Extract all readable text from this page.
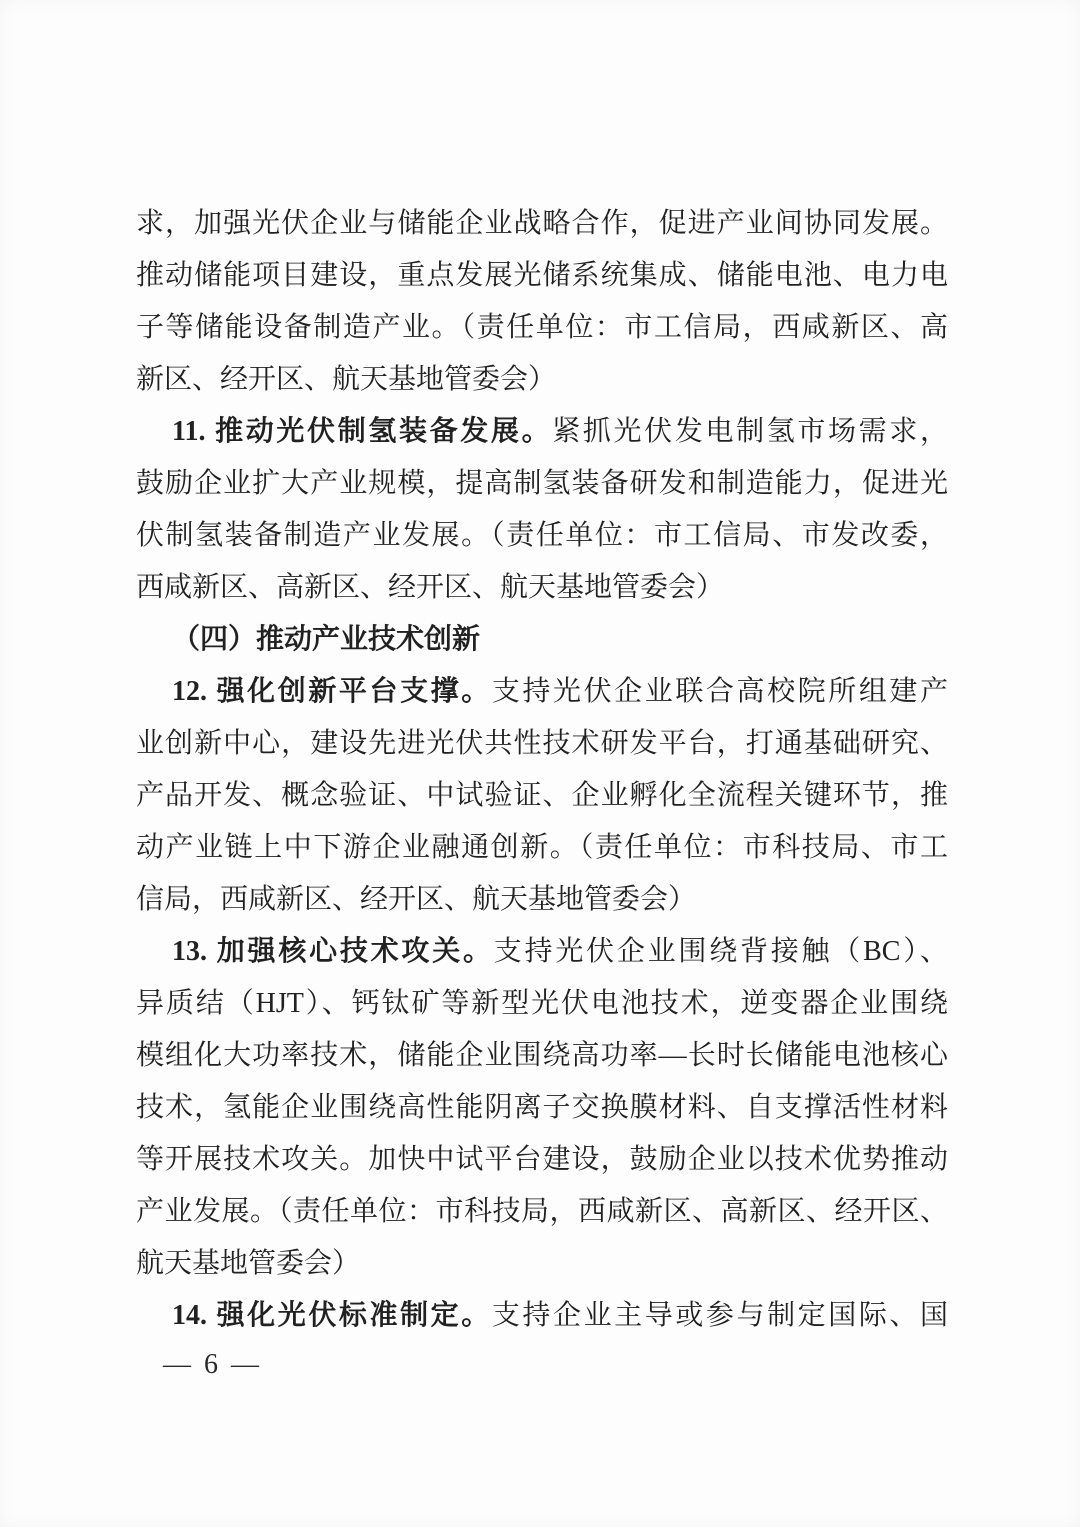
求，加强光伏企业与储能企业战略合作，促进产业间协同发展。
推动储能项目建设，重点发展光储系统集成、储能电池、电力电
子等储能设备制造产业。（责任单位：市工信局，西咸新区、高
新区、经开区、航天基地管委会）
11. 推动光伏制氢装备发展。紧抓光伏发电制氢市场需求，
鼓励企业扩大产业规模，提高制氢装备研发和制造能力，促进光
伏制氢装备制造产业发展。（责任单位：市工信局、市发改委，
西咸新区、高新区、经开区、航天基地管委会）
（四）推动产业技术创新
12. 强化创新平台支撑。支持光伏企业联合高校院所组建产
业创新中心，建设先进光伏共性技术研发平台，打通基础研究、
产品开发、概念验证、中试验证、企业孵化全流程关键环节，推
动产业链上中下游企业融通创新。（责任单位：市科技局、市工
信局，西咸新区、经开区、航天基地管委会）
13. 加强核心技术攻关。支持光伏企业围绕背接触（BC）、
异质结（HJT）、钙钛矿等新型光伏电池技术，逆变器企业围绕
模组化大功率技术，储能企业围绕高功率—长时长储能电池核心
技术，氢能企业围绕高性能阴离子交换膜材料、自支撑活性材料
等开展技术攻关。加快中试平台建设，鼓励企业以技术优势推动
产业发展。（责任单位：市科技局，西咸新区、高新区、经开区、
航天基地管委会）
14. 强化光伏标准制定。支持企业主导或参与制定国际、国
— 6 —
